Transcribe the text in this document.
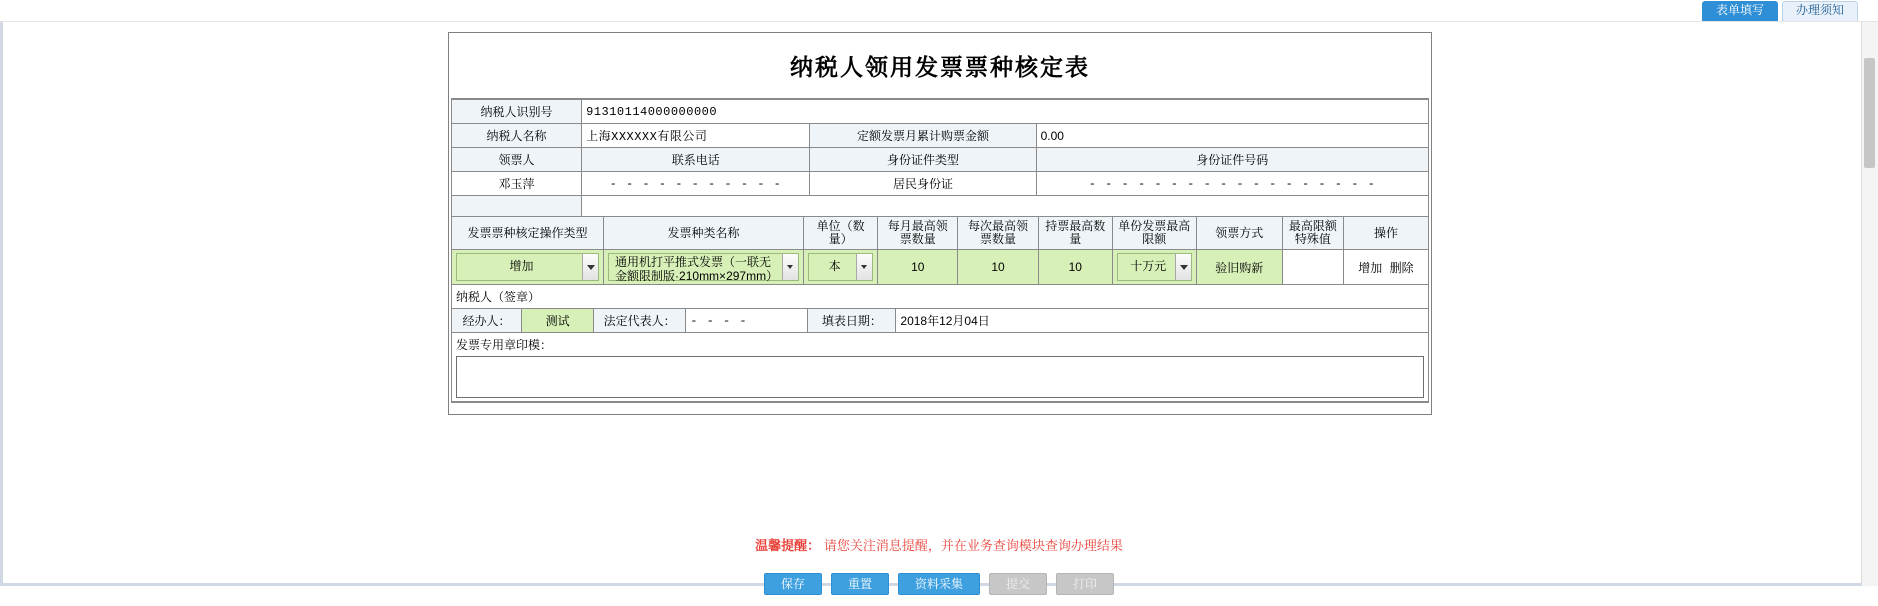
表单填写	办理须知
纳税人领用发票票种核定表
纳税人识别号	91310114000000000		
纳税人名称	上海XXXXXX有限公司	定额发票月累计购票金额	0.00
领票人	联系电话	身份证件类型	身份证件号码
邓玉萍	- - - - - - - - - - -	居民身份证	- - - - - - - - - - - - - - - - - -

发票票种核定操作类型	发票种类名称	单位（数量）	每月最高领票数量	每次最高领票数量	持票最高数量	单份发票最高限额	领票方式	最高限额特殊值	操作

增加	通用机打平推式发票（一联无金额限制版·210mm×297mm）	本	10	10	10	十万元	验旧购新		增加 删除
纳税人（签章）
经办人：	测试	法定代表人：	- - - -	填表日期：	2018年12月04日
发票专用章印模：
温馨提醒： 请您关注消息提醒，并在业务查询模块查询办理结果
保存	重置	资料采集	提交	打印
